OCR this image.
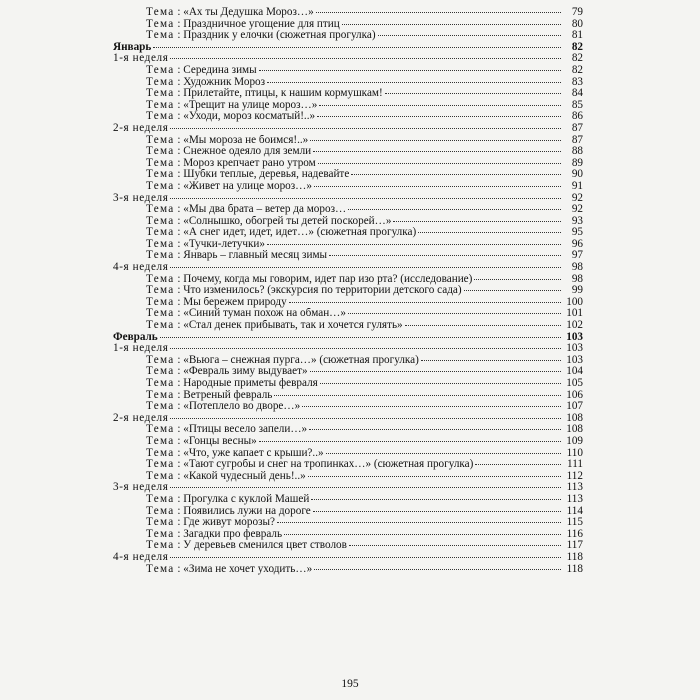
Тема : «Ах ты Дедушка Мороз…»	79
Тема : Праздничное угощение для птиц	80
Тема : Праздник у елочки (сюжетная прогулка)	81
Январь	82
1-я неделя	82
Тема : Середина зимы	82
Тема : Художник Мороз	83
Тема : Прилетайте, птицы, к нашим кормушкам!	84
Тема : «Трещит на улице мороз…»	85
Тема : «Уходи, мороз косматый!..»	86
2-я неделя	87
Тема : «Мы мороза не боимся!..»	87
Тема : Снежное одеяло для земли	88
Тема : Мороз крепчает рано утром	89
Тема : Шубки теплые, деревья, надевайте	90
Тема : «Живет на улице мороз…»	91
3-я неделя	92
Тема : «Мы два брата – ветер да мороз…	92
Тема : «Солнышко, обогрей ты детей поскорей…»	93
Тема : «А снег идет, идет, идет…» (сюжетная прогулка)	95
Тема : «Тучки-летучки»	96
Тема : Январь – главный месяц зимы	97
4-я неделя	98
Тема : Почему, когда мы говорим, идет пар изо рта? (исследование)	98
Тема : Что изменилось? (экскурсия по территории детского сада)	99
Тема : Мы бережем природу	100
Тема : «Синий туман похож на обман…»	101
Тема : «Стал денек прибывать, так и хочется гулять»	102
Февраль	103
1-я неделя	103
Тема : «Вьюга – снежная пурга…» (сюжетная прогулка)	103
Тема : «Февраль зиму выдувает»	104
Тема : Народные приметы февраля	105
Тема : Ветреный февраль	106
Тема : «Потеплело во дворе…»	107
2-я неделя	108
Тема : «Птицы весело запели…»	108
Тема : «Гонцы весны»	109
Тема : «Что, уже капает с крыши?..»	110
Тема : «Тают сугробы и снег на тропинках…» (сюжетная прогулка)	111
Тема : «Какой чудесный день!..»	112
3-я неделя	113
Тема : Прогулка с куклой Машей	113
Тема : Появились лужи на дороге	114
Тема : Где живут морозы?	115
Тема : Загадки про февраль	116
Тема : У деревьев сменился цвет стволов	117
4-я неделя	118
Тема : «Зима не хочет уходить…»	118
195
